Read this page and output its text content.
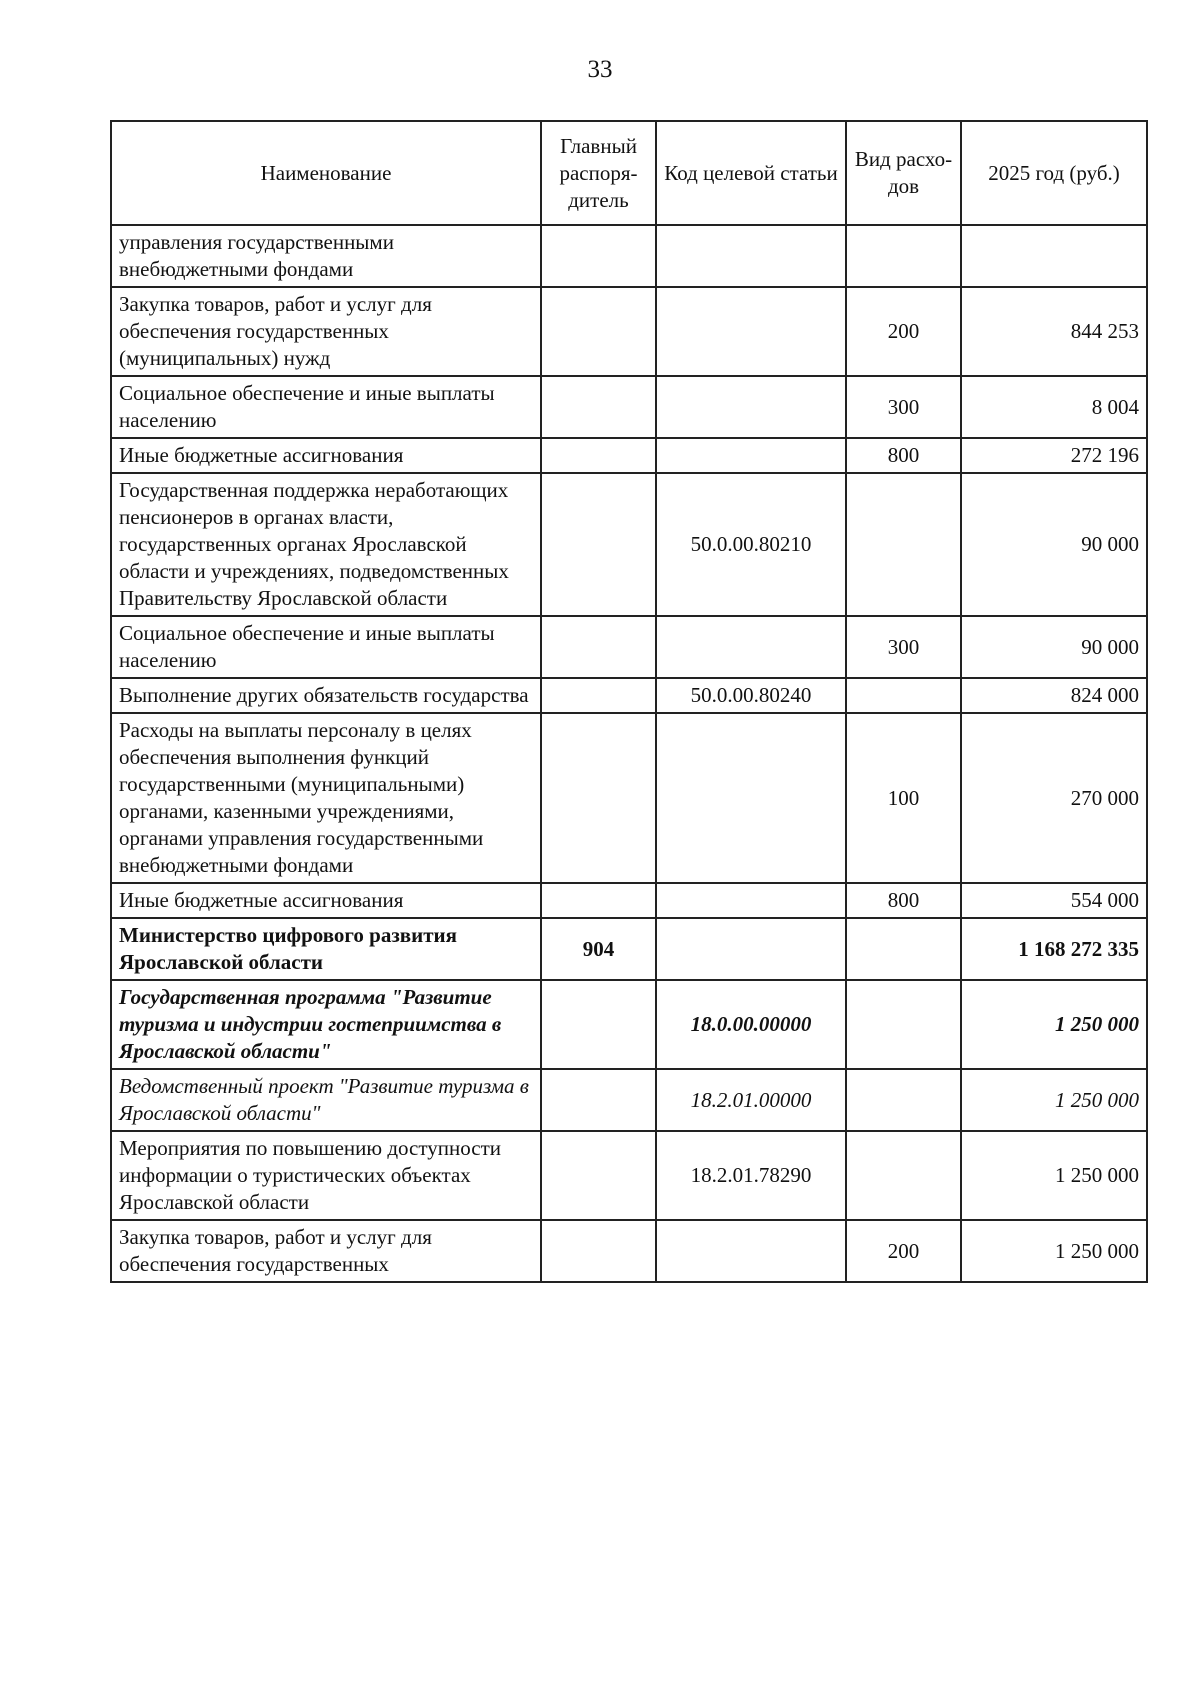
33
Наименование	Главный распоря-дитель	Код целевой статьи	Вид расхо-дов	2025 год (руб.)
управления государственными внебюджетными фондами				
Закупка товаров, работ и услуг для обеспечения государственных (муниципальных) нужд			200	844 253
Социальное обеспечение и иные выплаты населению			300	8 004
Иные бюджетные ассигнования			800	272 196
Государственная поддержка неработающих пенсионеров в органах власти, государственных органах Ярославской области и учреждениях, подведомственных Правительству Ярославской области		50.0.00.80210		90 000
Социальное обеспечение и иные выплаты населению			300	90 000
Выполнение других обязательств государства		50.0.00.80240		824 000
Расходы на выплаты персоналу в целях обеспечения выполнения функций государственными (муниципальными) органами, казенными учреждениями, органами управления государственными внебюджетными фондами			100	270 000
Иные бюджетные ассигнования			800	554 000
Министерство цифрового развития Ярославской области	904			1 168 272 335
Государственная программа "Развитие туризма и индустрии гостеприимства в Ярославской области"		18.0.00.00000		1 250 000
Ведомственный проект "Развитие туризма в Ярославской области"		18.2.01.00000		1 250 000
Мероприятия по повышению доступности информации о туристических объектах Ярославской области		18.2.01.78290		1 250 000
Закупка товаров, работ и услуг для обеспечения государственных			200	1 250 000
